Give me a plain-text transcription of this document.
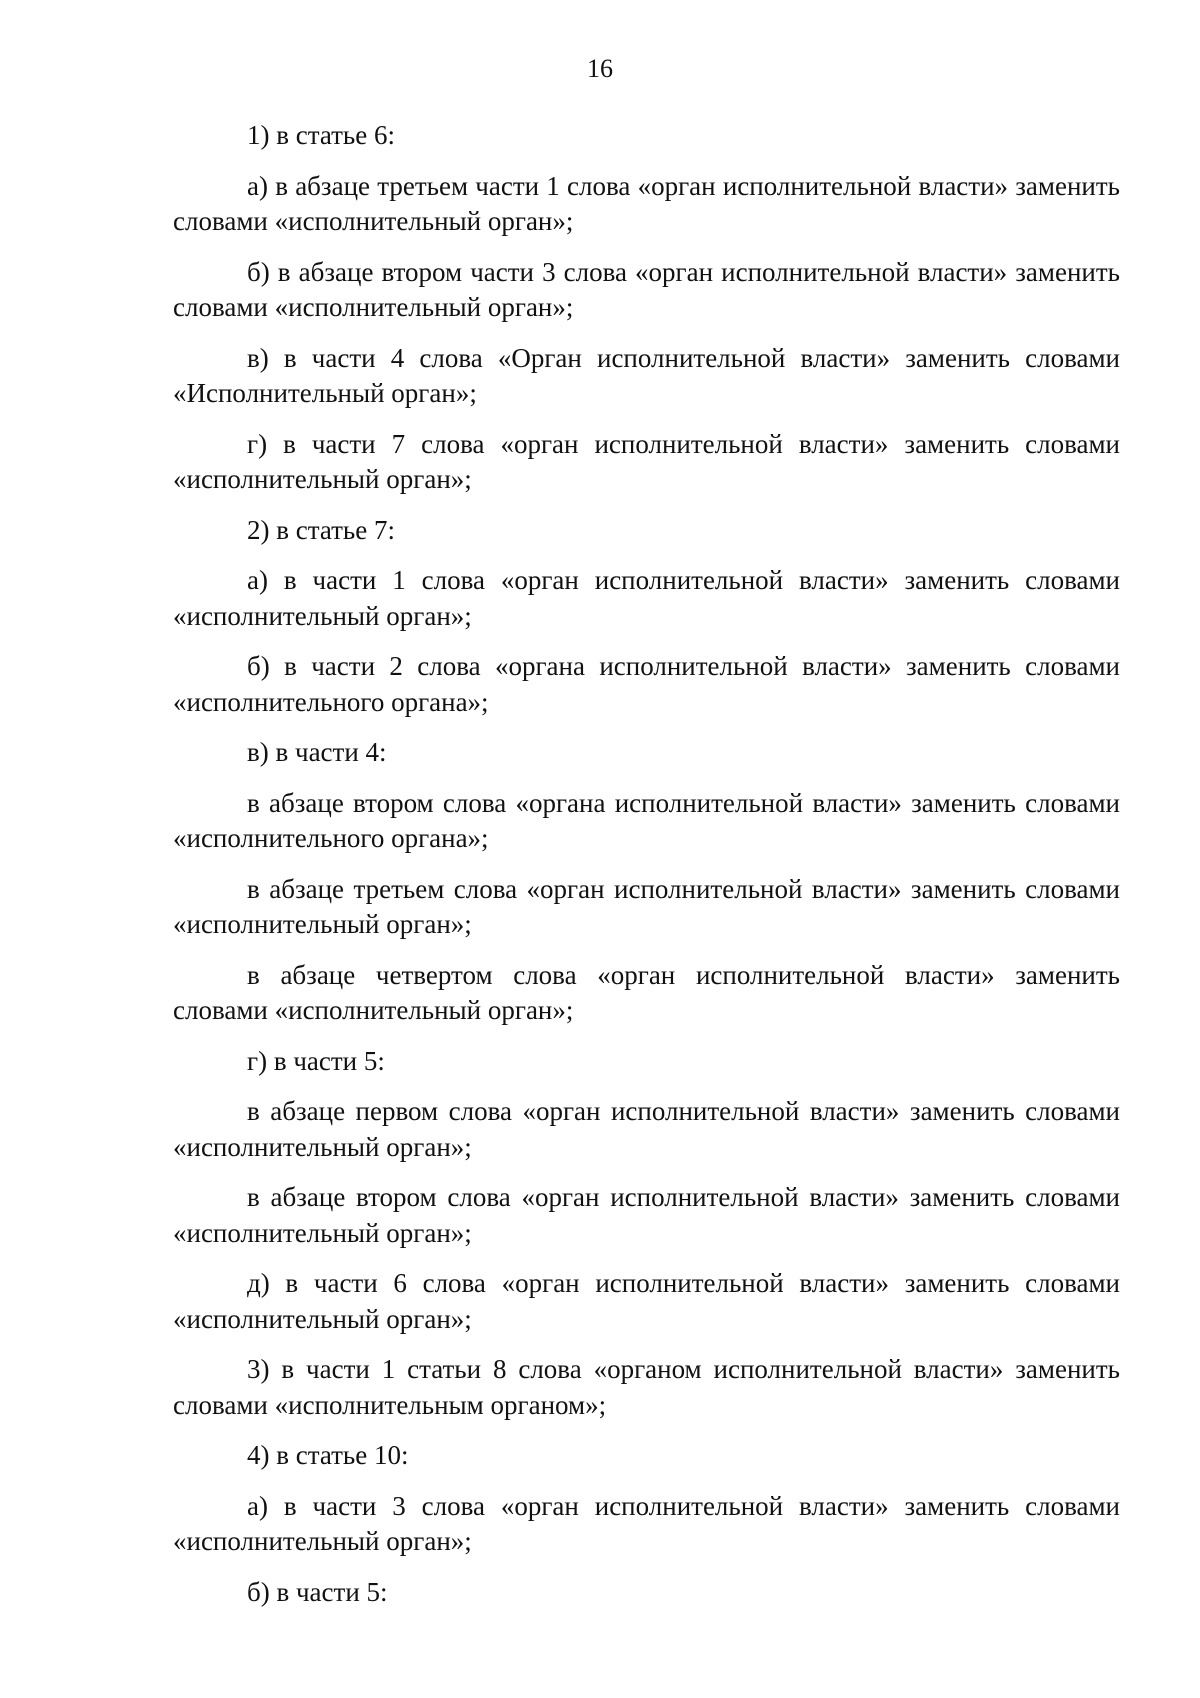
16

1) в статье 6:

а) в абзаце третьем части 1 слова «орган исполнительной власти» заменить словами «исполнительный орган»;

б) в абзаце втором части 3 слова «орган исполнительной власти» заменить словами «исполнительный орган»;

в) в части 4 слова «Орган исполнительной власти» заменить словами «Исполнительный орган»;

г) в части 7 слова «орган исполнительной власти» заменить словами «исполнительный орган»;

2) в статье 7:

а) в части 1 слова «орган исполнительной власти» заменить словами «исполнительный орган»;

б) в части 2 слова «органа исполнительной власти» заменить словами «исполнительного органа»;

в) в части 4:

в абзаце втором слова «органа исполнительной власти» заменить словами «исполнительного органа»;

в абзаце третьем слова «орган исполнительной власти» заменить словами «исполнительный орган»;

в абзаце четвертом слова «орган исполнительной власти» заменить словами «исполнительный орган»;

г) в части 5:

в абзаце первом слова «орган исполнительной власти» заменить словами «исполнительный орган»;

в абзаце втором слова «орган исполнительной власти» заменить словами «исполнительный орган»;

д) в части 6 слова «орган исполнительной власти» заменить словами «исполнительный орган»;

3) в части 1 статьи 8 слова «органом исполнительной власти» заменить словами «исполнительным органом»;

4) в статье 10:

а) в части 3 слова «орган исполнительной власти» заменить словами «исполнительный орган»;

б) в части 5:
